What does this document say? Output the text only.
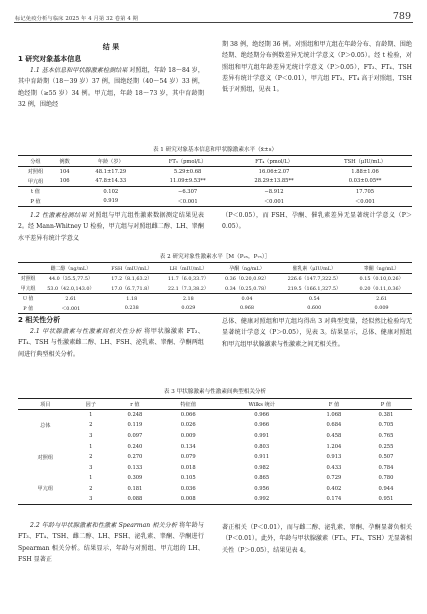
标记免疫分析与临床 2025 年 4 月第 32 卷第 4 期	789

结 果

1 研究对象基本信息

1.1 基本信息和甲状腺激素检测结果 对照组，年龄 18～84 岁，其中育龄期（18～39 岁）37 例，围绝经期（40～54 岁）33 例，绝经期（≥55 岁）34 例。甲亢组，年龄 18～73 岁，其中育龄期 32 例，围绝经

期 38 例，绝经期 36 例。对照组和甲亢组在年龄分布、育龄期、围绝经期、绝经期分布例数差异无统计学意义（P＞0.05）。经 t 检验，对照组和甲亢组年龄差异无统计学意义（P＞0.05），FT₃、FT₄、TSH 差异有统计学意义（P＜0.01），甲亢组 FT₃、FT₄ 高于对照组，TSH 低于对照组，见表 1。

表 1 研究对象基本信息和甲状腺激素水平（x̄±s）
分组	例数	年龄（岁）	FT₃（pmol/L）	FT₄（pmol/L）	TSH（μIU/mL）
对照组	104	48.1±17.29	5.29±0.68	16.06±2.07	1.88±1.06
甲亢组	106	47.8±14.33	11.09±9.53**	28.29±13.85**	0.03±0.05**
t 值		0.102	−6.307	−8.912	17.705
P 值		0.919	＜0.001	＜0.001	＜0.001

1.2 性激素检测结果 对照组与甲亢组性激素数据测定结果见表 2。经 Mann-Whitney U 检验，甲亢组与对照组雌二醇、LH、睾酮水平差异有统计学意义

（P＜0.05），而 FSH、孕酮、催乳素差异无显著统计学意义（P＞0.05）。

表 2 研究对象性激素水平［M（P₂₅，P₇₅）］
	雌二醇（ng/mL）	FSH（mIU/mL）	LH（mIU/mL）	孕酮（ng/mL）	催乳素（μIU/mL）	睾酮（ng/mL）
对照组	44.0（35.5,77.5）	17.2（8.1,63.2）	11.7（6.0,33.7）	0.36（0.20,0.92）	226.6（147.7,322.5）	0.15（0.10,0.26）
甲亢组	53.0（42.0,143.0）	17.0（6.7,71.8）	22.1（7.3,38.2）	0.34（0.25,0.78）	219.5（166.1,327.5）	0.20（0.11,0.36）
U 值	2.61	1.18	2.18	0.04	0.54	2.61
P 值	＜0.001	0.238	0.029	0.968	0.600	0.009

2 相关性分析

2.1 甲状腺激素与性激素间相关性分析 将甲状腺激素 FT₃、FT₄、TSH 与性激素雌二醇、LH、FSH、泌乳素、睾酮、孕酮两组间进行典型相关分析。

总体、健康对照组和甲亢组均得出 3 对典型变量，经似然比检验均无显著统计学意义（P＞0.05），见表 3。结果显示，总体、健康对照组和甲亢组甲状腺激素与性激素之间无相关性。

表 3 甲状腺激素与性激素间典型相关分析
项目	因子	r 值	特征值	Wilks 统计	F 值	P 值
总体	1	0.248	0.066	0.966	1.068	0.381
	2	0.119	0.026	0.966	0.684	0.705
	3	0.097	0.009	0.991	0.458	0.765
对照组	1	0.240	0.134	0.803	1.204	0.255
	2	0.270	0.079	0.911	0.913	0.507
	3	0.133	0.018	0.982	0.433	0.784
甲亢组	1	0.309	0.105	0.865	0.729	0.780
	2	0.181	0.036	0.956	0.402	0.944
	3	0.088	0.008	0.992	0.174	0.951

2.2 年龄与甲状腺激素和性激素 Spearman 相关分析 将年龄与 FT₃、FT₄、TSH、雌二醇、LH、FSH、泌乳素、睾酮、孕酮进行 Spearman 相关分析。结果显示，年龄与对照组、甲亢组的 LH、FSH 显著正

著正相关（P＜0.01），而与雌二醇、泌乳素、睾酮、孕酮显著负相关（P＜0.01）。此外，年龄与甲状腺激素（FT₃、FT₄、TSH）无显著相关性（P＞0.05），结果见表 4。
